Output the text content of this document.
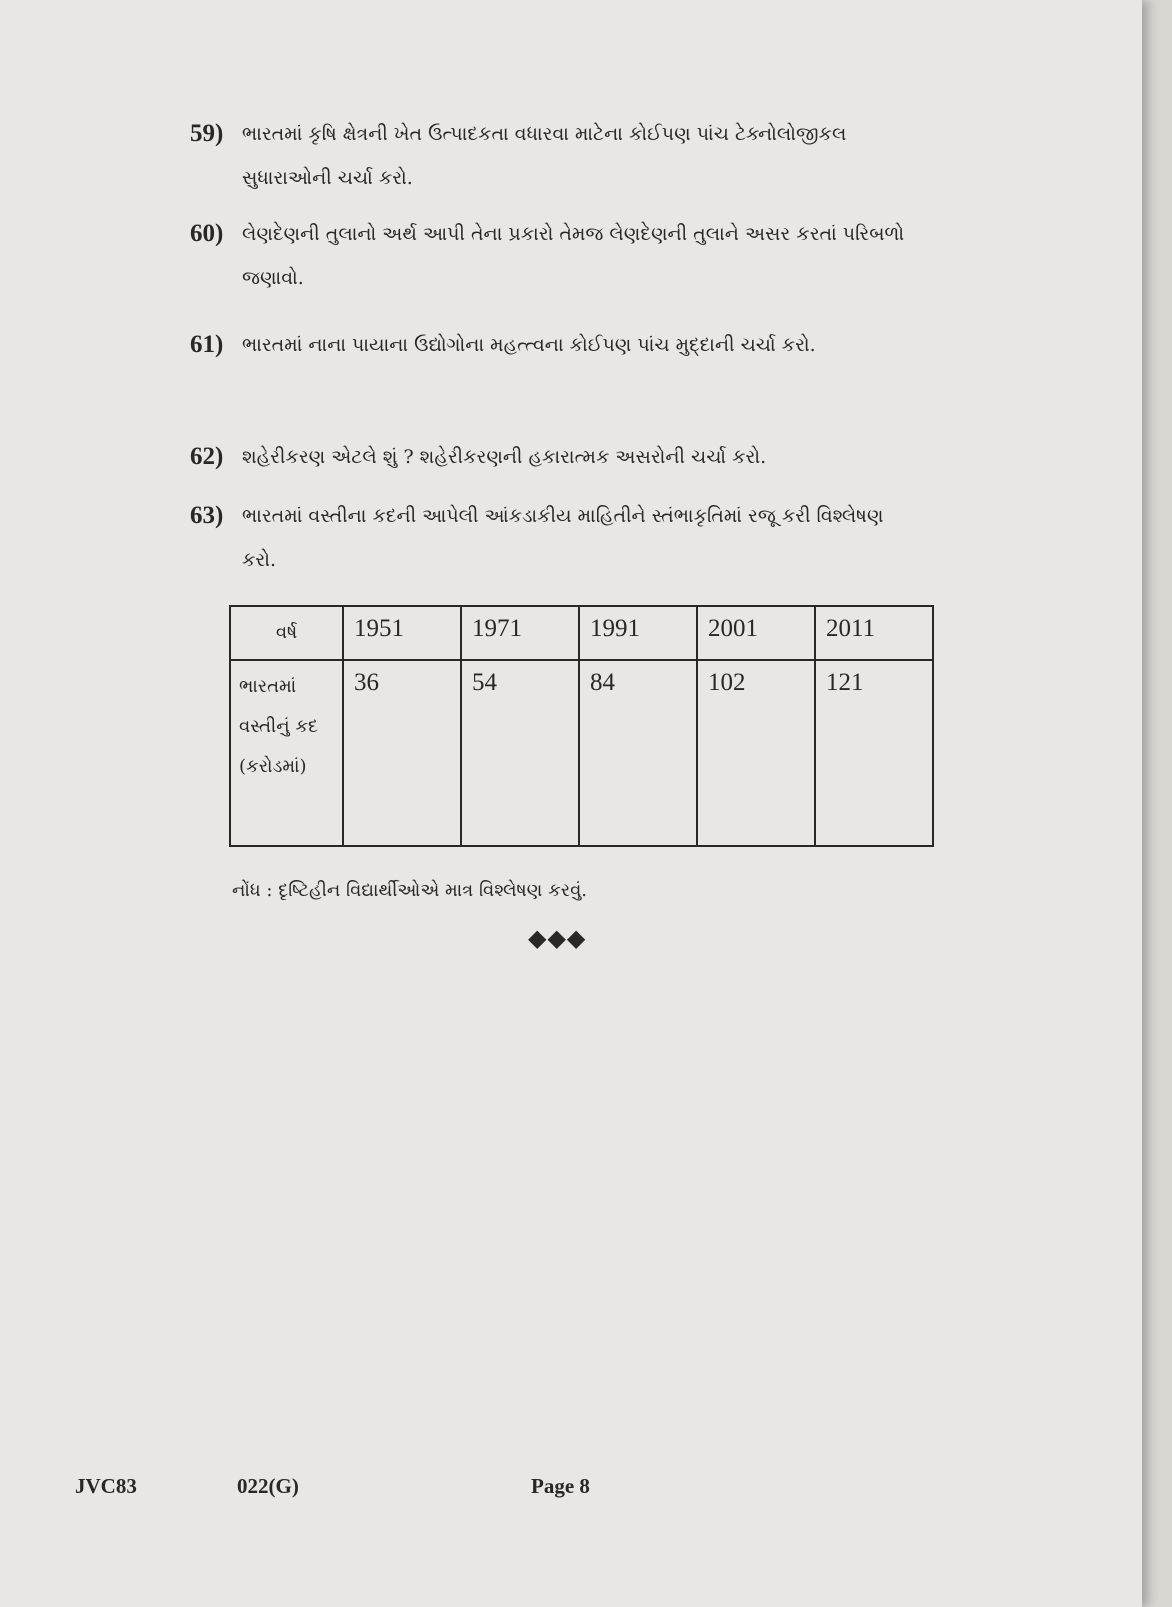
59) ભારતમાં કૃષિ ક્ષેત્રની ખેત ઉત્પાદકતા વધારવા માટેના કોઈપણ પાંચ ટેક્નોલોજીકલ સુધારાઓની ચર્ચા કરો.
60) લેણદેણની તુલાનો અર્થ આપી તેના પ્રકારો તેમજ લેણદેણની તુલાને અસર કરતાં પરિબળો જણાવો.
61) ભારતમાં નાના પાયાના ઉદ્યોગોના મહત્ત્વના કોઈપણ પાંચ મુદ્દાની ચર્ચા કરો.
62) શહેરીકરણ એટલે શું ? શહેરીકરણની હકારાત્મક અસરોની ચર્ચા કરો.
63) ભારતમાં વસ્તીના કદની આપેલી આંકડાકીય માહિતીને સ્તંભાકૃતિમાં રજૂ કરી વિશ્લેષણ કરો.
વર્ષ	1951	1971	1991	2001	2011
ભારતમાં વસ્તીનું કદ (કરોડમાં)	36	54	84	102	121
નોંધ : દૃષ્ટિહીન વિદ્યાર્થીઓએ માત્ર વિશ્લેષણ કરવું.
◆◆◆
JVC83	022(G)	Page 8
